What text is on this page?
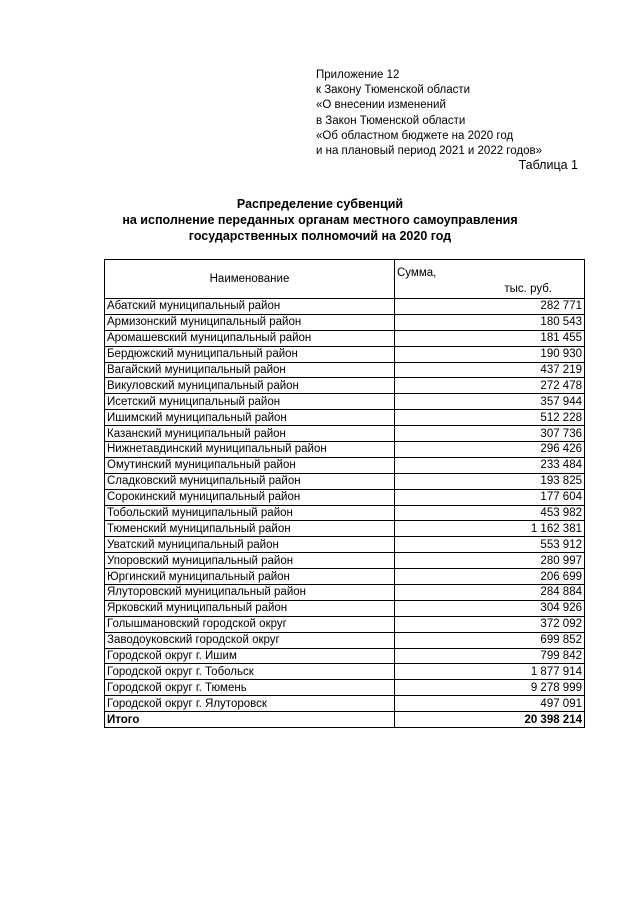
Приложение 12
к Закону Тюменской области
«О внесении изменений
в Закон Тюменской области
«Об областном бюджете на 2020 год
и на плановый период 2021 и 2022 годов»
Таблица 1
Распределение субвенций
на исполнение переданных органам местного самоуправления
государственных полномочий на 2020 год
Наименование	Сумма,
тыс. руб.

Абатский муниципальный район	282 771
Армизонский муниципальный район	180 543
Аромашевский муниципальный район	181 455
Бердюжский муниципальный район	190 930
Вагайский муниципальный район	437 219
Викуловский муниципальный район	272 478
Исетский муниципальный район	357 944
Ишимский муниципальный район	512 228
Казанский муниципальный район	307 736
Нижнетавдинский муниципальный район	296 426
Омутинский муниципальный район	233 484
Сладковский муниципальный район	193 825
Сорокинский муниципальный район	177 604
Тобольский муниципальный район	453 982
Тюменский муниципальный район	1 162 381
Уватский муниципальный район	553 912
Упоровский муниципальный район	280 997
Юргинский муниципальный район	206 699
Ялуторовский муниципальный район	284 884
Ярковский муниципальный район	304 926
Голышмановский городской округ	372 092
Заводоуковский городской округ	699 852
Городской округ г. Ишим	799 842
Городской округ г. Тобольск	1 877 914
Городской округ г. Тюмень	9 278 999
Городской округ г. Ялуторовск	497 091
Итого	20 398 214
